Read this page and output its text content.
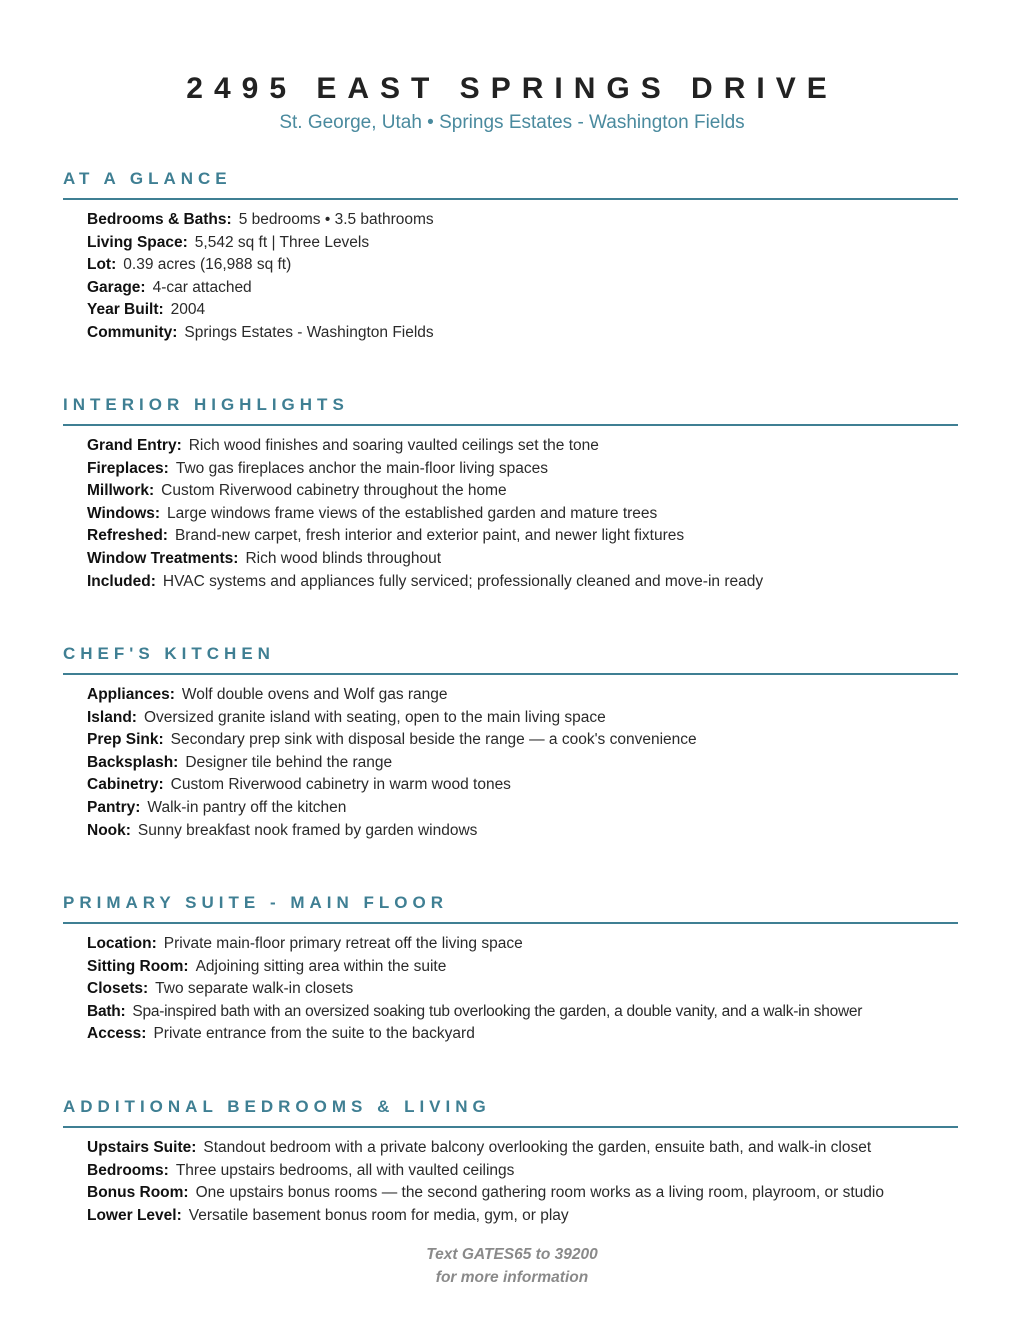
2495 EAST SPRINGS DRIVE
St. George, Utah • Springs Estates - Washington Fields
AT A GLANCE
Bedrooms & Baths: 5 bedrooms • 3.5 bathrooms
Living Space: 5,542 sq ft | Three Levels
Lot: 0.39 acres (16,988 sq ft)
Garage: 4-car attached
Year Built: 2004
Community: Springs Estates - Washington Fields
INTERIOR HIGHLIGHTS
Grand Entry: Rich wood finishes and soaring vaulted ceilings set the tone
Fireplaces: Two gas fireplaces anchor the main-floor living spaces
Millwork: Custom Riverwood cabinetry throughout the home
Windows: Large windows frame views of the established garden and mature trees
Refreshed: Brand-new carpet, fresh interior and exterior paint, and newer light fixtures
Window Treatments: Rich wood blinds throughout
Included: HVAC systems and appliances fully serviced; professionally cleaned and move-in ready
CHEF'S KITCHEN
Appliances: Wolf double ovens and Wolf gas range
Island: Oversized granite island with seating, open to the main living space
Prep Sink: Secondary prep sink with disposal beside the range — a cook's convenience
Backsplash: Designer tile behind the range
Cabinetry: Custom Riverwood cabinetry in warm wood tones
Pantry: Walk-in pantry off the kitchen
Nook: Sunny breakfast nook framed by garden windows
PRIMARY SUITE - MAIN FLOOR
Location: Private main-floor primary retreat off the living space
Sitting Room: Adjoining sitting area within the suite
Closets: Two separate walk-in closets
Bath: Spa-inspired bath with an oversized soaking tub overlooking the garden, a double vanity, and a walk-in shower
Access: Private entrance from the suite to the backyard
ADDITIONAL BEDROOMS & LIVING
Upstairs Suite: Standout bedroom with a private balcony overlooking the garden, ensuite bath, and walk-in closet
Bedrooms: Three upstairs bedrooms, all with vaulted ceilings
Bonus Room: One upstairs bonus rooms — the second gathering room works as a living room, playroom, or studio
Lower Level: Versatile basement bonus room for media, gym, or play
Text GATES65 to 39200
for more information
